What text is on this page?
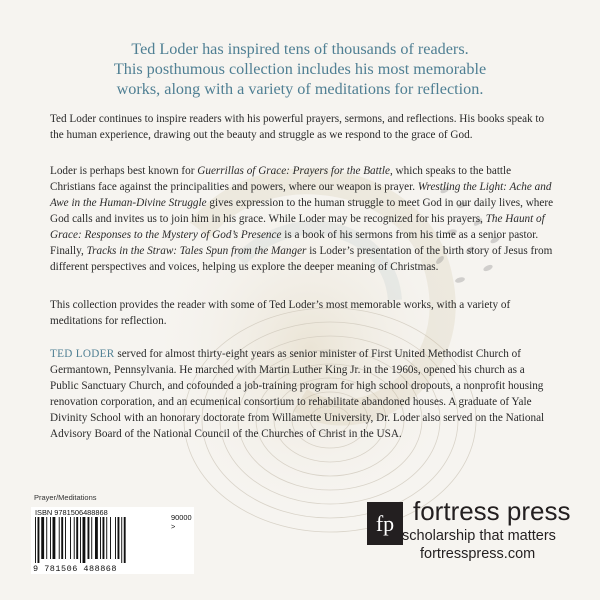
Ted Loder has inspired tens of thousands of readers.
This posthumous collection includes his most memorable
works, along with a variety of meditations for reflection.

Ted Loder continues to inspire readers with his powerful prayers, sermons, and reflections. His books speak to the human experience, drawing out the beauty and struggle as we respond to the grace of God.

Loder is perhaps best known for Guerrillas of Grace: Prayers for the Battle, which speaks to the battle Christians face against the principalities and powers, where our weapon is prayer. Wrestling the Light: Ache and Awe in the Human-Divine Struggle gives expression to the human struggle to meet God in our daily lives, where God calls and invites us to join him in his grace. While Loder may be recognized for his prayers, The Haunt of Grace: Responses to the Mystery of God’s Presence is a book of his sermons from his time as a senior pastor. Finally, Tracks in the Straw: Tales Spun from the Manger is Loder’s presentation of the birth story of Jesus from different perspectives and voices, helping us explore the deeper meaning of Christmas.

This collection provides the reader with some of Ted Loder’s most memorable works, with a variety of meditations for reflection.

TED LODER served for almost thirty-eight years as senior minister of First United Methodist Church of Germantown, Pennsylvania. He marched with Martin Luther King Jr. in the 1960s, opened his church as a Public Sanctuary Church, and cofounded a job-training program for high school dropouts, a nonprofit housing renovation corporation, and an ecumenical consortium to rehabilitate abandoned houses. A graduate of Yale Divinity School with an honorary doctorate from Willamette University, Dr. Loder also served on the National Advisory Board of the National Council of the Churches of Christ in the USA.

Prayer/Meditations
ISBN 9781506488868
90000 >
9 781506 488868
fp fortress press
scholarship that matters
fortresspress.com
